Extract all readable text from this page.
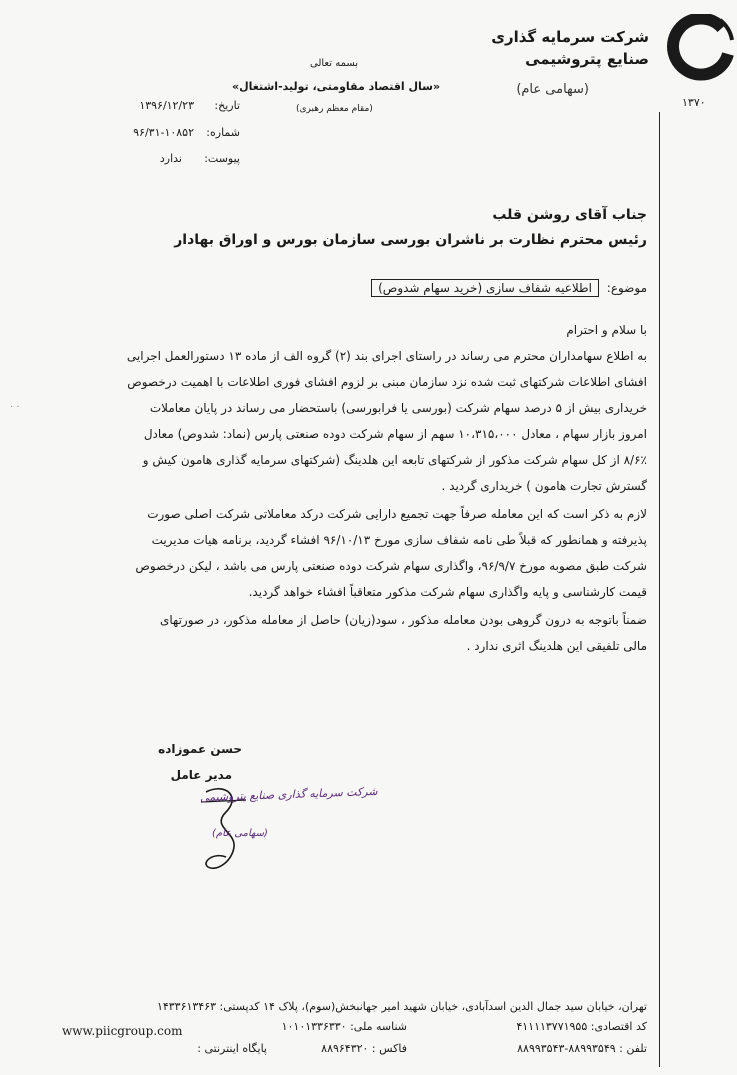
۱۳۷۰
شرکت سرمایه گذاری
صنایع پتروشیمی
(سهامی عام)
بسمه تعالی
«سال اقتصاد مقاومتی، تولید-اشتغال»
(مقام معظم رهبری)
تاریخ:
۱۳۹۶/۱۲/۲۳
شماره:
۹۶/۳۱-۱۰۸۵۲
پیوست:
ندارد
جناب آقای روشن قلب
رئیس محترم نظارت بر ناشران بورسی سازمان بورس و اوراق بهادار
موضوع: اطلاعیه شفاف سازی (خرید سهام شدوص)
با سلام و احترام
به اطلاع سهامداران محترم می رساند در راستای اجرای بند (۲) گروه الف از ماده ۱۳ دستورالعمل اجرایی
افشای اطلاعات شرکتهای ثبت شده نزد سازمان مبنی بر لزوم افشای فوری اطلاعات با اهمیت درخصوص
خریداری بیش از ۵ درصد سهام شرکت (بورسی یا فرابورسی) باستحضار می رساند در پایان معاملات
امروز بازار سهام ، معادل ۱۰،۳۱۵،۰۰۰ سهم از سهام شرکت دوده صنعتی پارس (نماد: شدوص) معادل
۸/۶٪ از کل سهام شرکت مذکور از شرکتهای تابعه این هلدینگ (شرکتهای سرمایه گذاری هامون کیش و
گسترش تجارت هامون ) خریداری گردید .
لازم به ذکر است که این معامله صرفاً جهت تجمیع دارایی شرکت درکد معاملاتی شرکت اصلی صورت
پذیرفته و همانطور که قبلاً طی نامه شفاف سازی مورخ ۹۶/۱۰/۱۳ افشاء گردید، برنامه هیات مدیریت
شرکت طبق مصوبه مورخ ۹۶/۹/۷، واگذاری سهام شرکت دوده صنعتی پارس می باشد ، لیکن درخصوص
قیمت کارشناسی و پایه واگذاری سهام شرکت مذکور متعاقباً افشاء خواهد گردید.
ضمناً باتوجه به درون گروهی بودن معامله مذکور ، سود(زیان) حاصل از معامله مذکور، در صورتهای
مالی تلفیقی این هلدینگ اثری ندارد .
· ·
حسن عموزاده
مدیر عامل
شرکت سرمایه گذاری صنایع پتروشیمی
(سهامی عام)
تهران، خیابان سید جمال الدین اسدآبادی، خیابان شهید امیر جهانبخش(سوم)، پلاک ۱۴ کدپستی: ۱۴۳۳۶۱۳۴۶۳
کد اقتصادی: ۴۱۱۱۱۳۷۷۱۹۵۵
شناسه ملی: ۱۰۱۰۱۳۳۶۳۳۰
تلفن : ۸۸۹۹۳۵۴۹-۸۸۹۹۳۵۴۳
فاکس : ۸۸۹۶۴۳۲۰
پایگاه اینترنتی :
www.piicgroup.com
